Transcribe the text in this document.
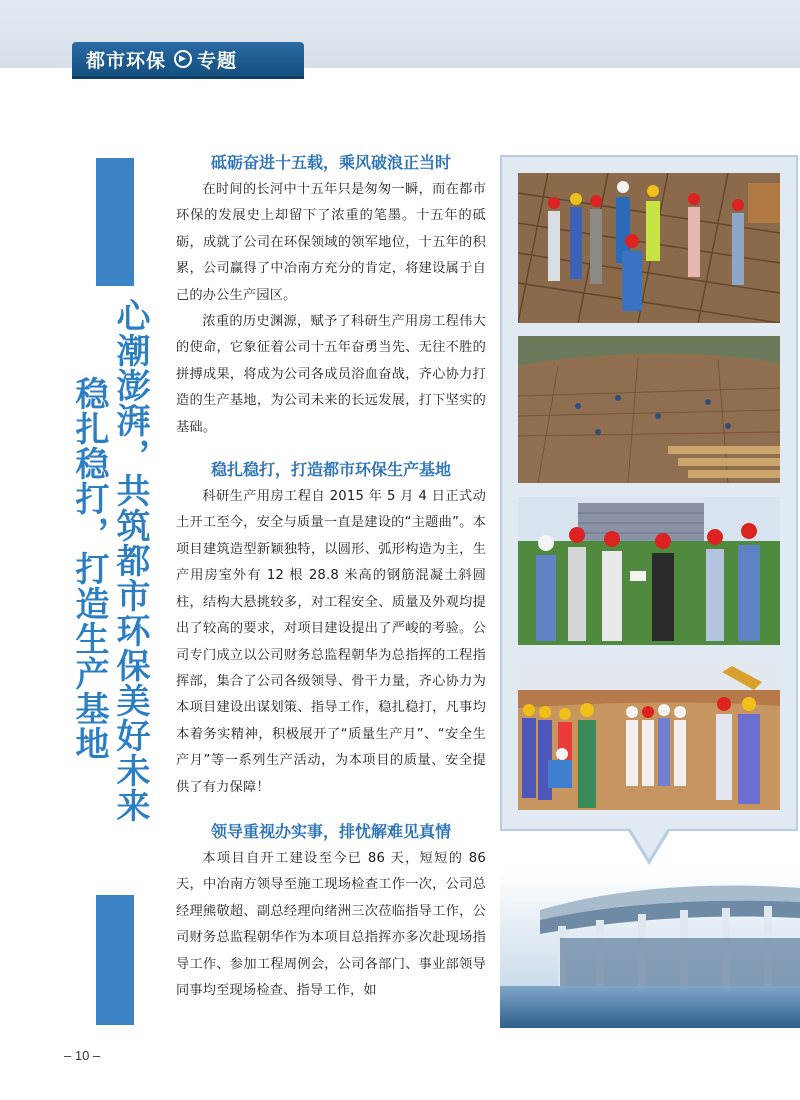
都市环保	▶ 专题
心潮澎湃，共筑都市环保美好未来
稳扎稳打，打造生产基地
砥砺奋进十五载，乘风破浪正当时

在时间的长河中十五年只是匆匆一瞬，而在都市环保的发展史上却留下了浓重的笔墨。十五年的砥砺，成就了公司在环保领域的领军地位，十五年的积累，公司赢得了中冶南方充分的肯定，将建设属于自己的办公生产园区。

浓重的历史渊源，赋予了科研生产用房工程伟大的使命，它象征着公司十五年奋勇当先、无往不胜的拼搏成果，将成为公司各成员浴血奋战，齐心协力打造的生产基地，为公司未来的长远发展，打下坚实的基础。

稳扎稳打，打造都市环保生产基地

科研生产用房工程自 2015 年 5 月 4 日正式动土开工至今，安全与质量一直是建设的“主题曲”。本项目建筑造型新颖独特，以圆形、弧形构造为主，生产用房室外有 12 根 28.8 米高的钢筋混凝土斜圆柱，结构大悬挑较多，对工程安全、质量及外观均提出了较高的要求，对项目建设提出了严峻的考验。公司专门成立以公司财务总监程朝华为总指挥的工程指挥部，集合了公司各级领导、骨干力量，齐心协力为本项目建设出谋划策、指导工作，稳扎稳打，凡事均本着务实精神，积极展开了“质量生产月”、“安全生产月”等一系列生产活动，为本项目的质量、安全提供了有力保障！

领导重视办实事，排忧解难见真情

本项目自开工建设至今已 86 天，短短的 86 天，中冶南方领导至施工现场检查工作一次，公司总经理熊敬超、副总经理向绪洲三次莅临指导工作，公司财务总监程朝华作为本项目总指挥亦多次赴现场指导工作、参加工程周例会，公司各部门、事业部领导同事均至现场检查、指导工作，如

– 10 –
